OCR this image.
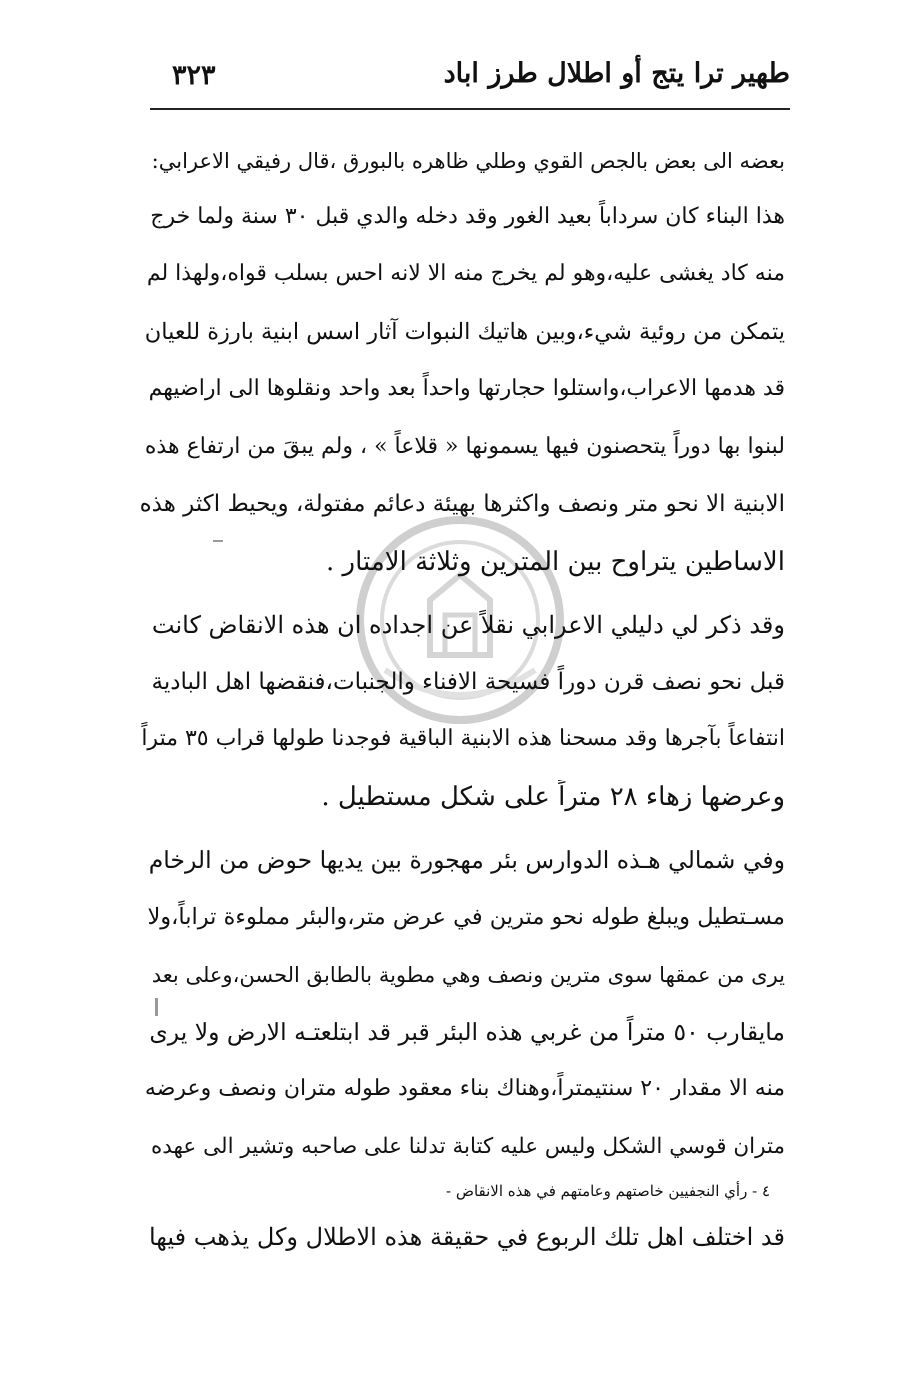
٣٢٣	طهير ترا يتج أو اطلال طرز اباد
بعضه الى بعض بالجص القوي وطلي ظاهره بالبورق ،قال رفيقي الاعرابي:
هذا البناء كان سرداباً بعيد الغور وقد دخله والدي قبل ٣٠ سنة ولما خرج
منه كاد يغشى عليه،وهو لم يخرج منه الا لانه احس بسلب قواه،ولهذا لم
يتمكن من روئية شيء،وبين هاتيك النبوات آثار اسس ابنية بارزة للعيان
قد هدمها الاعراب،واستلوا حجارتها واحداً بعد واحد ونقلوها الى اراضيهم
لبنوا بها دوراً يتحصنون فيها يسمونها « قلاعاً » ، ولم يبقَ من ارتفاع هذه
الابنية الا نحو متر ونصف واكثرها بهيئة دعائم مفتولة، ويحيط اكثر هذه
الاساطين يتراوح بين المترين وثلاثة الامتار .
وقد ذكر لي دليلي الاعرابي نقلاً عن اجداده ان هذه الانقاض كانت
قبل نحو نصف قرن دوراً فسيحة الافناء والجنبات،فنقضها اهل البادية
انتفاعاً بآجرها وقد مسحنا هذه الابنية الباقية فوجدنا طولها قراب ٣٥ متراً
وعرضها زهاء ٢٨ متراً على شكل مستطيل .
وفي شمالي هـذه الدوارس بئر مهجورة بين يديها حوض من الرخام
مسـتطيل ويبلغ طوله نحو مترين في عرض متر،والبئر مملوءة تراباً،ولا
يرى من عمقها سوى مترين ونصف وهي مطوية بالطابق الحسن،وعلى بعد
مايقارب ٥٠ متراً من غربي هذه البئر قبر قد ابتلعتـه الارض ولا يرى
منه الا مقدار ٢٠ سنتيمتراً،وهناك بناء معقود طوله متران ونصف وعرضه
متران قوسي الشكل وليس عليه كتابة تدلنا على صاحبه وتشير الى عهده
٤ - رأي النجفيين خاصتهم وعامتهم في هذه الانقاض -
قد اختلف اهل تلك الربوع في حقيقة هذه الاطلال وكل يذهب فيها
